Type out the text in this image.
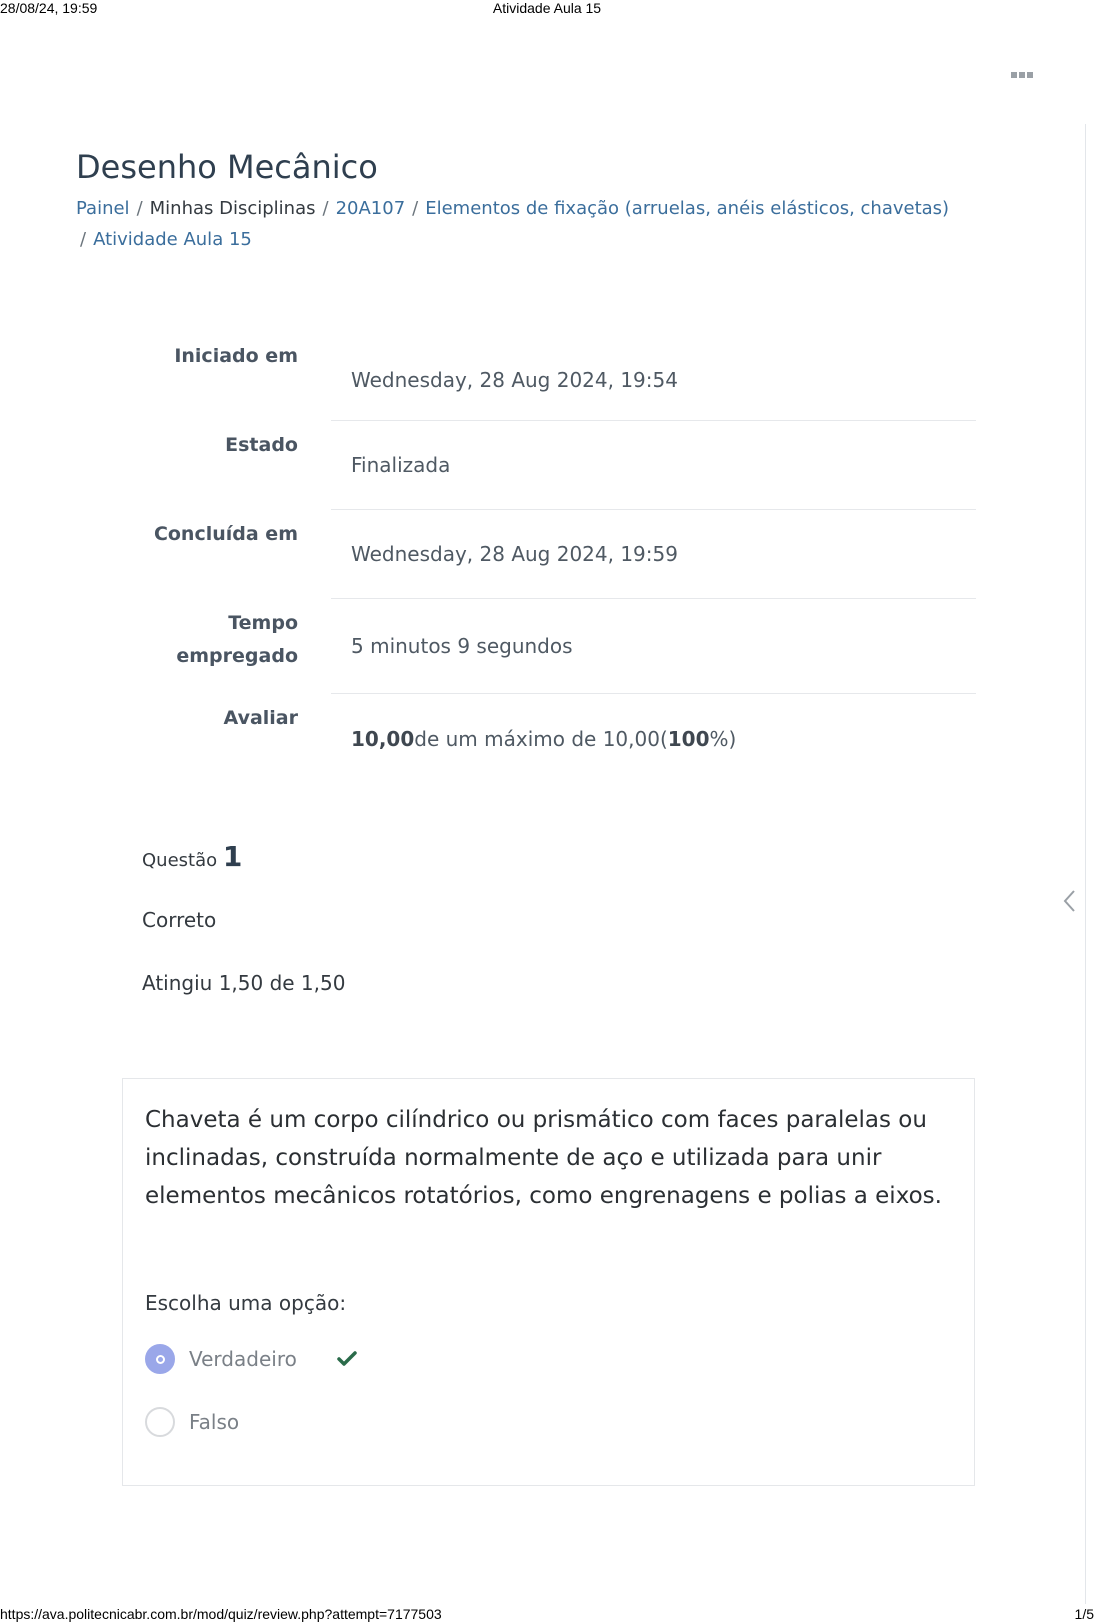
28/08/24, 19:59	Atividade Aula 15
Desenho Mecânico
Painel / Minhas Disciplinas / 20A107 / Elementos de fixação (arruelas, anéis elásticos, chavetas)
/ Atividade Aula 15
Iniciado em
Wednesday, 28 Aug 2024, 19:54
Estado
Finalizada
Concluída em
Wednesday, 28 Aug 2024, 19:59
Tempo
empregado	5 minutos 9 segundos
Avaliar
10,00 de um máximo de 10,00( 100 %)
Questão 1
Correto
Atingiu 1,50 de 1,50
Chaveta é um corpo cilíndrico ou prismático com faces paralelas ou inclinadas, construída normalmente de aço e utilizada para unir elementos mecânicos rotatórios, como engrenagens e polias a eixos.
Escolha uma opção:
Verdadeiro
Falso
https://ava.politecnicabr.com.br/mod/quiz/review.php?attempt=7177503	1/5
